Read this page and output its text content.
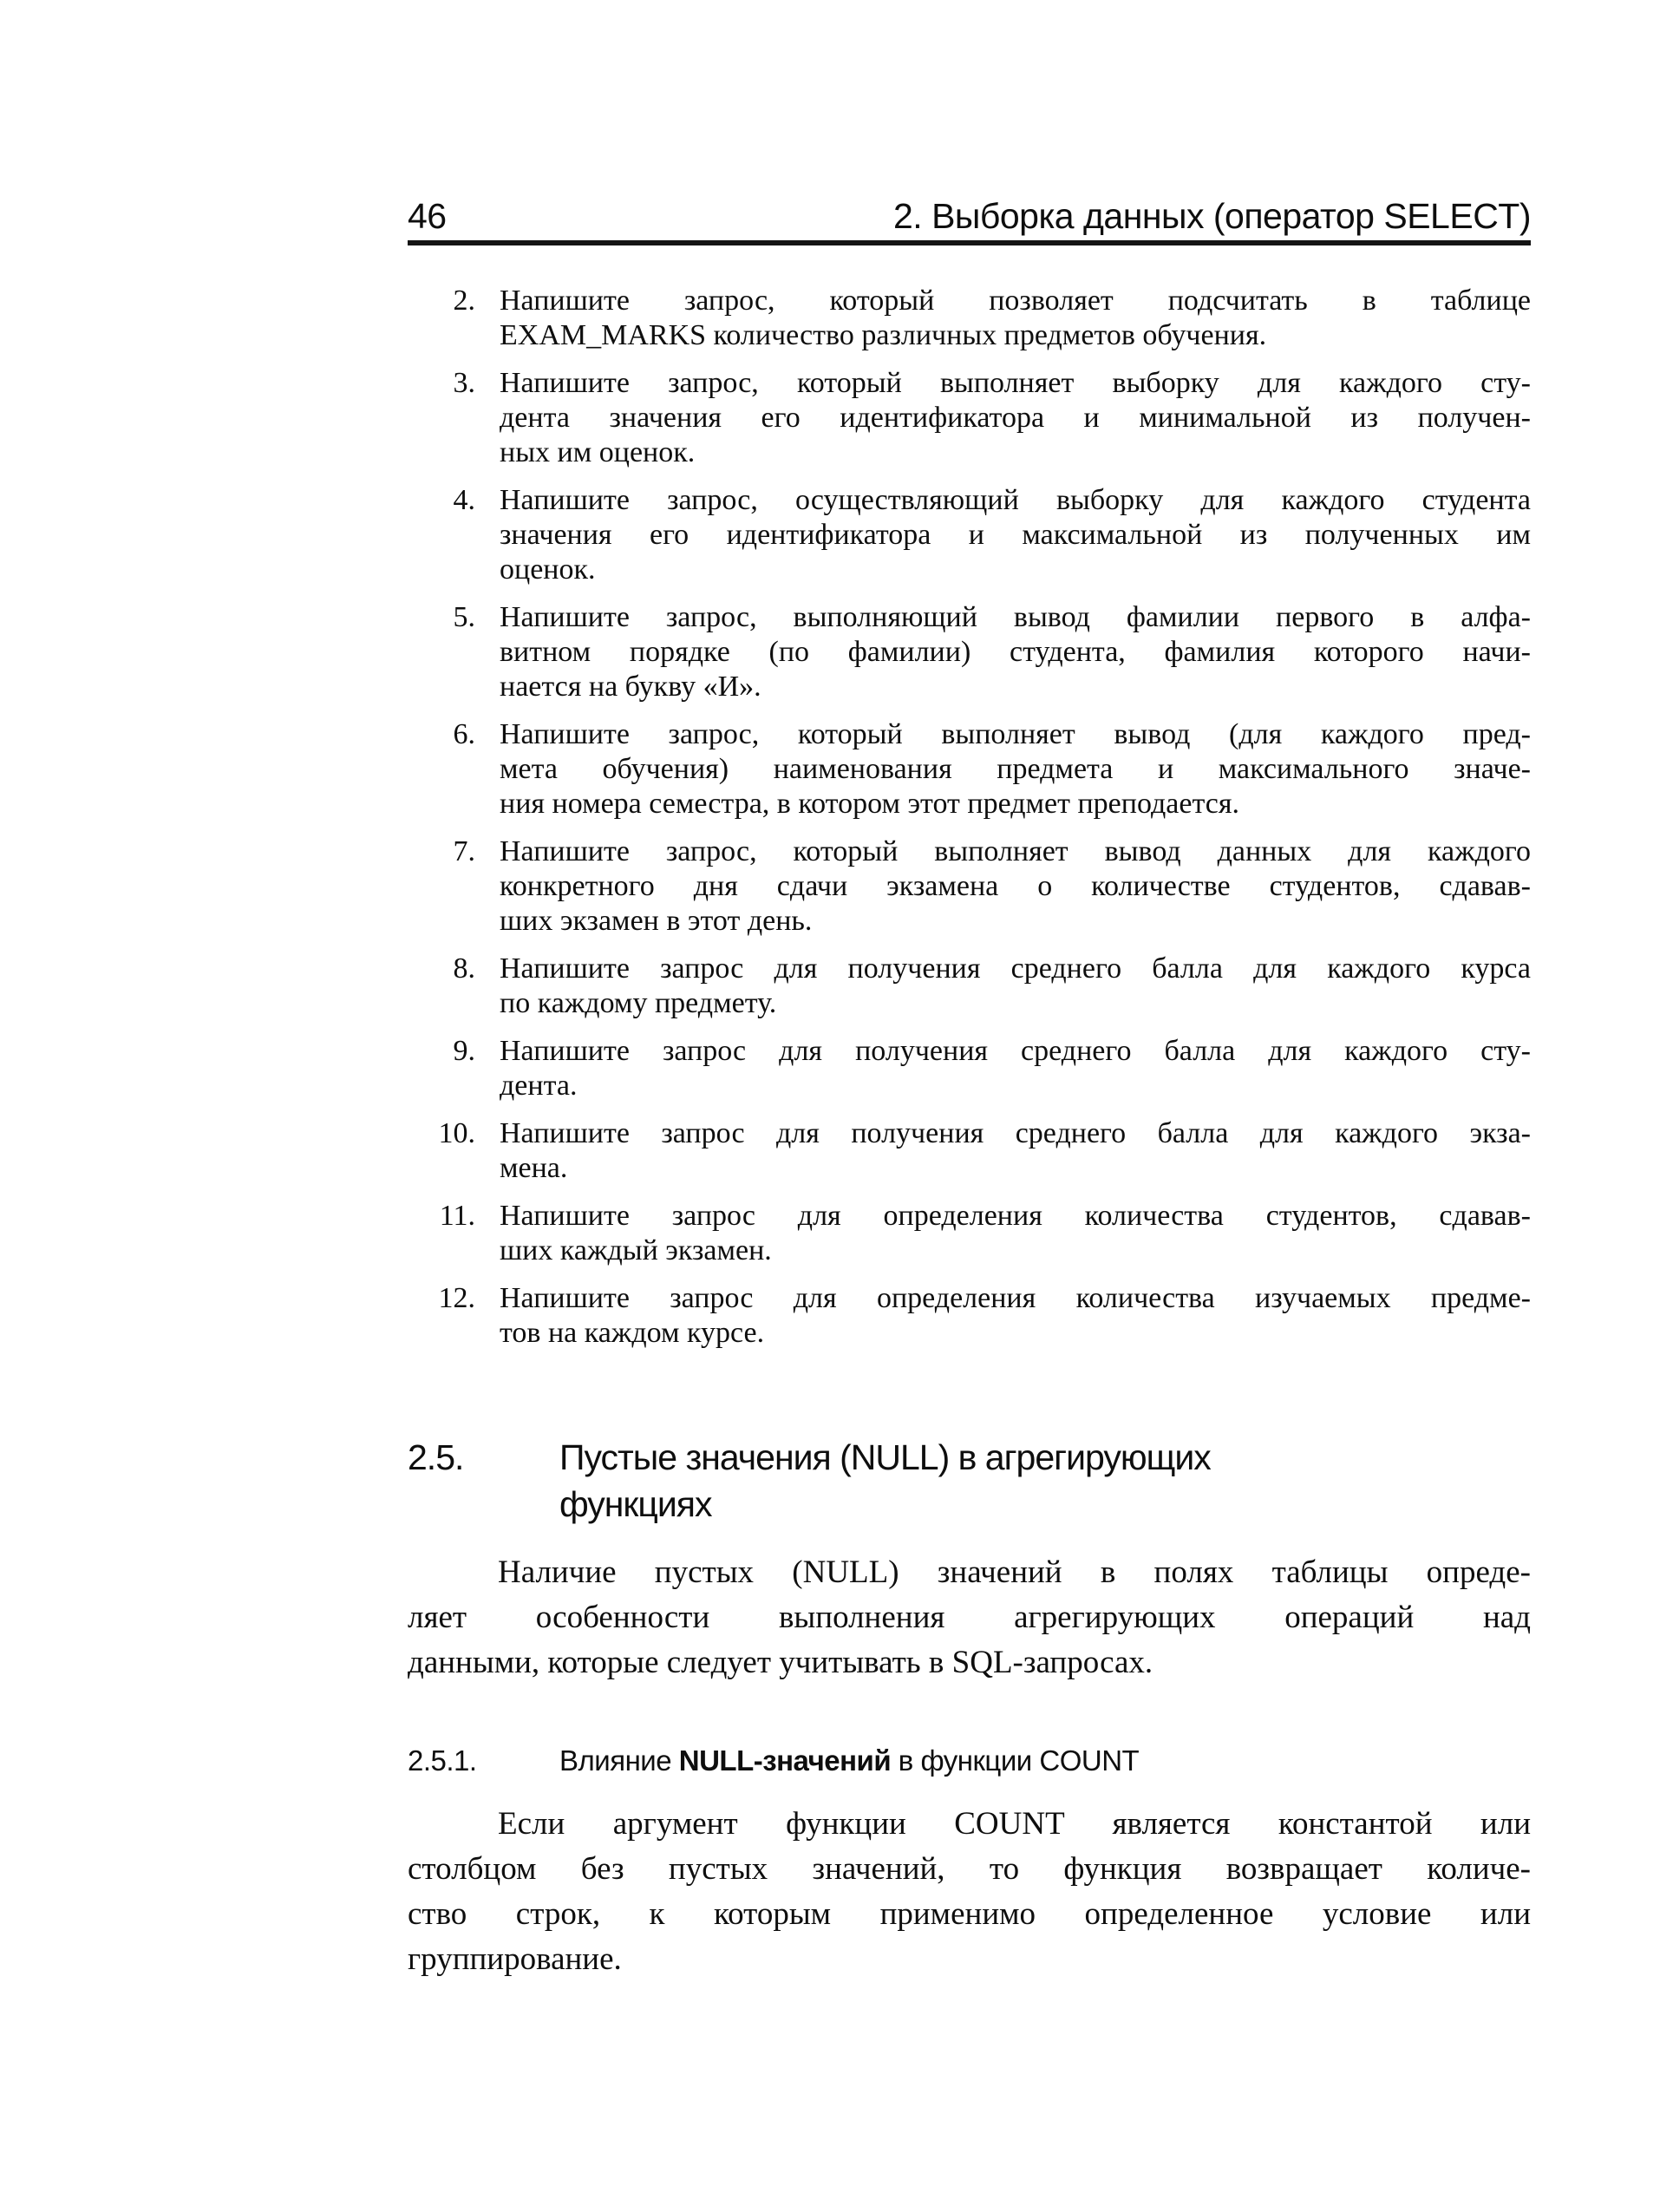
46	2. Выборка данных (оператор SELECT)
2. Напишите запрос, который позволяет подсчитать в таблице
EXAM_MARKS количество различных предметов обучения.
3. Напишите запрос, который выполняет выборку для каждого сту-
дента значения его идентификатора и минимальной из получен-
ных им оценок.
4. Напишите запрос, осуществляющий выборку для каждого студента
значения его идентификатора и максимальной из полученных им
оценок.
5. Напишите запрос, выполняющий вывод фамилии первого в алфа-
витном порядке (по фамилии) студента, фамилия которого начи-
нается на букву «И».
6. Напишите запрос, который выполняет вывод (для каждого пред-
мета обучения) наименования предмета и максимального значе-
ния номера семестра, в котором этот предмет преподается.
7. Напишите запрос, который выполняет вывод данных для каждого
конкретного дня сдачи экзамена о количестве студентов, сдавав-
ших экзамен в этот день.
8. Напишите запрос для получения среднего балла для каждого курса
по каждому предмету.
9. Напишите запрос для получения среднего балла для каждого сту-
дента.
10. Напишите запрос для получения среднего балла для каждого экза-
мена.
11. Напишите запрос для определения количества студентов, сдавав-
ших каждый экзамен.
12. Напишите запрос для определения количества изучаемых предме-
тов на каждом курсе.
2.5.	Пустые значения (NULL) в агрегирующих
функциях
Наличие пустых (NULL) значений в полях таблицы опреде-
ляет особенности выполнения агрегирующих операций над
данными, которые следует учитывать в SQL-запросах.
2.5.1.	Влияние NULL-значений в функции COUNT
Если аргумент функции COUNT является константой или
столбцом без пустых значений, то функция возвращает количе-
ство строк, к которым применимо определенное условие или
группирование.
